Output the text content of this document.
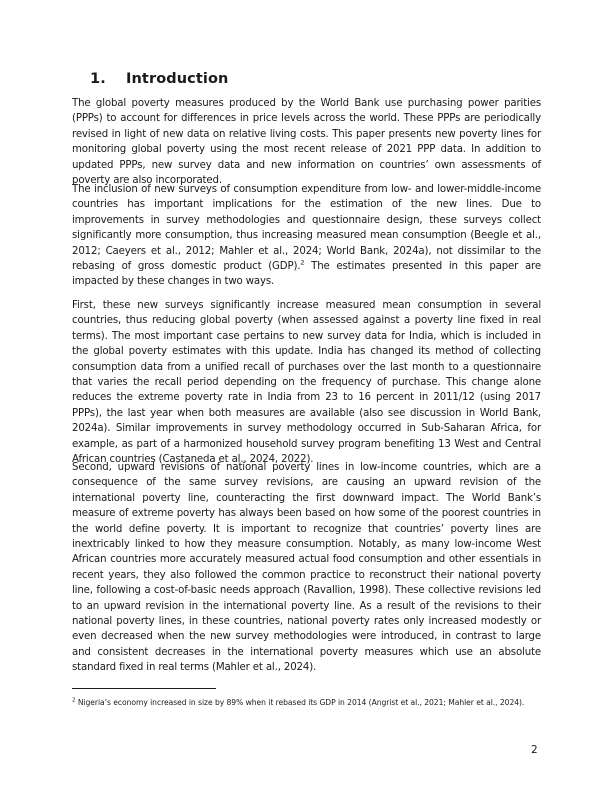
1. Introduction

The global poverty measures produced by the World Bank use purchasing power parities (PPPs) to account for differences in price levels across the world. These PPPs are periodically revised in light of new data on relative living costs. This paper presents new poverty lines for monitoring global poverty using the most recent release of 2021 PPP data. In addition to updated PPPs, new survey data and new information on countries’ own assessments of poverty are also incorporated.

The inclusion of new surveys of consumption expenditure from low- and lower-middle-income countries has important implications for the estimation of the new lines. Due to improvements in survey methodologies and questionnaire design, these surveys collect significantly more consumption, thus increasing measured mean consumption (Beegle et al., 2012; Caeyers et al., 2012; Mahler et al., 2024; World Bank, 2024a), not dissimilar to the rebasing of gross domestic product (GDP).$^2$ The estimates presented in this paper are impacted by these changes in two ways.

First, these new surveys significantly increase measured mean consumption in several countries, thus reducing global poverty (when assessed against a poverty line fixed in real terms). The most important case pertains to new survey data for India, which is included in the global poverty estimates with this update. India has changed its method of collecting consumption data from a unified recall of purchases over the last month to a questionnaire that varies the recall period depending on the frequency of purchase. This change alone reduces the extreme poverty rate in India from 23 to 16 percent in 2011/12 (using 2017 PPPs), the last year when both measures are available (also see discussion in World Bank, 2024a). Similar improvements in survey methodology occurred in Sub-Saharan Africa, for example, as part of a harmonized household survey program benefiting 13 West and Central African countries (Castaneda et al., 2024, 2022).

Second, upward revisions of national poverty lines in low-income countries, which are a consequence of the same survey revisions, are causing an upward revision of the international poverty line, counteracting the first downward impact. The World Bank’s measure of extreme poverty has always been based on how some of the poorest countries in the world define poverty. It is important to recognize that countries’ poverty lines are inextricably linked to how they measure consumption. Notably, as many low-income West African countries more accurately measured actual food consumption and other essentials in recent years, they also followed the common practice to reconstruct their national poverty line, following a cost-of-basic needs approach (Ravallion, 1998). These collective revisions led to an upward revision in the international poverty line. As a result of the revisions to their national poverty lines, in these countries, national poverty rates only increased modestly or even decreased when the new survey methodologies were introduced, in contrast to large and consistent decreases in the international poverty measures which use an absolute standard fixed in real terms (Mahler et al., 2024).

$^2$ Nigeria’s economy increased in size by 89% when it rebased its GDP in 2014 (Angrist et al., 2021; Mahler et al., 2024).

2
